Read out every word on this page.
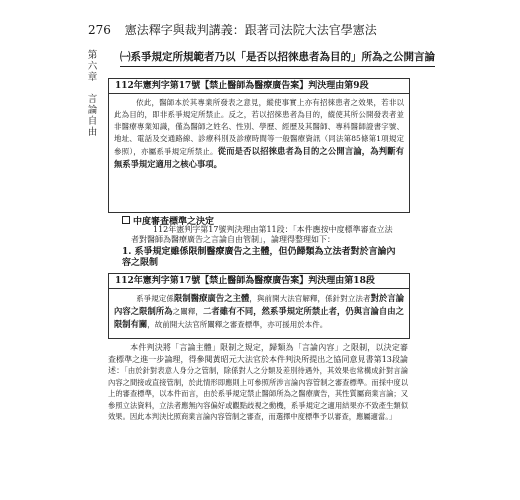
276 憲法釋字與裁判講義：跟著司法院大法官學憲法
第六章
言論自由
㈠系爭規定所規範者乃以「是否以招徠患者為目的」所為之公開言論
112年憲判字第17號【禁止醫師為醫療廣告案】判決理由第9段
依此，醫師本於其專業所發表之意見，縱使事實上亦有招徠患者之效果，若非以此為目的，即非系爭規定所禁止。反之，若以招徠患者為目的，縱使其所公開發表者並非醫療專業知識，僅為醫師之姓名、性別、學歷、經歷及其醫師、專科醫師證書字號、地址、電話及交通路線、診療科別及診療時間等一般醫療資訊（同法第85條第1項規定參照），亦屬系爭規定所禁止。從而是否以招徠患者為目的之公開言論，為判斷有無系爭規定適用之核心事項。
中度審查標準之決定
112年憲判字第17號判決理由第11段：「本件應按中度標準審查立法者對醫師為醫療廣告之言論自由管制」，論理得整理如下：
1. 系爭規定雖係限制醫療廣告之主體，但仍歸類為立法者對於言論內容之限制
112年憲判字第17號【禁止醫師為醫療廣告案】判決理由第18段
系爭規定係限制醫療廣告之主體，與前開大法官解釋，係針對立法者對於言論內容之限制所為之闡釋，二者雖有不同，然系爭規定所禁止者，仍與言論自由之限制有關，故前開大法官所闡釋之審查標準，亦可援用於本件。
本件判決將「言論主體」限制之規定，歸類為「言論內容」之限制，以決定審查標準之進一步論理，得參閱黃昭元大法官於本件判決所提出之協同意見書第13段論述：「由於針對表意人身分之管制，除係對人之分類及差別待遇外，其效果也常構成針對言論內容之間接或直接管制，於此情形即應則上可參照所涉言論內容管制之審查標準。而採中度以上的審查標準，以本件而言，由於系爭規定禁止醫師所為之醫療廣告，其性質屬商業言論；又參照立法資料，立法者應無內容偏好或觀點歧視之動機，系爭規定之適用結果亦不致產生類似效果。因此本判決比照商業言論內容管制之審查，而選擇中度標準予以審查，應屬適當。」
